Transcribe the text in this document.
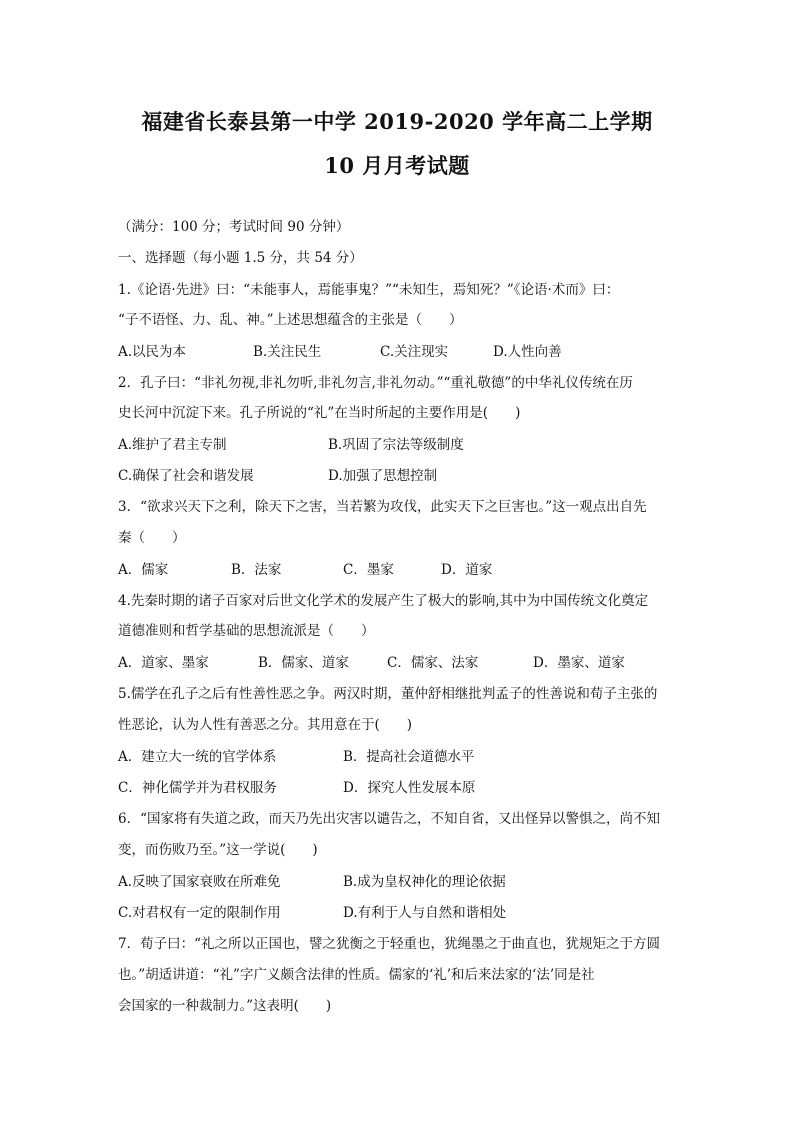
福建省长泰县第一中学 2019-2020 学年高二上学期
10 月月考试题
（满分：100 分；考试时间 90 分钟）
一、选择题（每小题 1.5 分，共 54 分）
1.《论语·先进》曰：“未能事人，焉能事鬼？”“未知生，焉知死？”《论语·术而》曰：
“子不语怪、力、乱、神。”上述思想蕴含的主张是（　　）
A.以民为本	B.关注民生	C.关注现实	D.人性向善
2．孔子曰：“非礼勿视,非礼勿听,非礼勿言,非礼勿动。”“重礼敬德”的中华礼仪传统在历
史长河中沉淀下来。孔子所说的“礼”在当时所起的主要作用是(　　)
A.维护了君主专制	B.巩固了宗法等级制度
C.确保了社会和谐发展	D.加强了思想控制
3．“欲求兴天下之利，除天下之害，当若繁为攻伐，此实天下之巨害也。”这一观点出自先
秦（　　）
A．儒家	B．法家	C．墨家	D．道家
4.先秦时期的诸子百家对后世文化学术的发展产生了极大的影响,其中为中国传统文化奠定
道德准则和哲学基础的思想流派是（　　）
A．道家、墨家	B．儒家、道家	C．儒家、法家	D．墨家、道家
5.儒学在孔子之后有性善性恶之争。两汉时期，董仲舒相继批判孟子的性善说和荀子主张的
性恶论，认为人性有善恶之分。其用意在于(　　)
A．建立大一统的官学体系	B．提高社会道德水平
C．神化儒学并为君权服务	D．探究人性发展本原
6．“国家将有失道之政，而天乃先出灾害以谴告之，不知自省，又出怪异以警惧之，尚不知
变，而伤败乃至。”这一学说(　　)
A.反映了国家衰败在所难免	B.成为皇权神化的理论依据
C.对君权有一定的限制作用	D.有利于人与自然和谐相处
7．荀子曰：“礼之所以正国也，譬之犹衡之于轻重也，犹绳墨之于曲直也，犹规矩之于方圆
也。”胡适讲道：“礼”字广义颇含法律的性质。儒家的‘礼’和后来法家的‘法’同是社
会国家的一种裁制力。”这表明(　　)
